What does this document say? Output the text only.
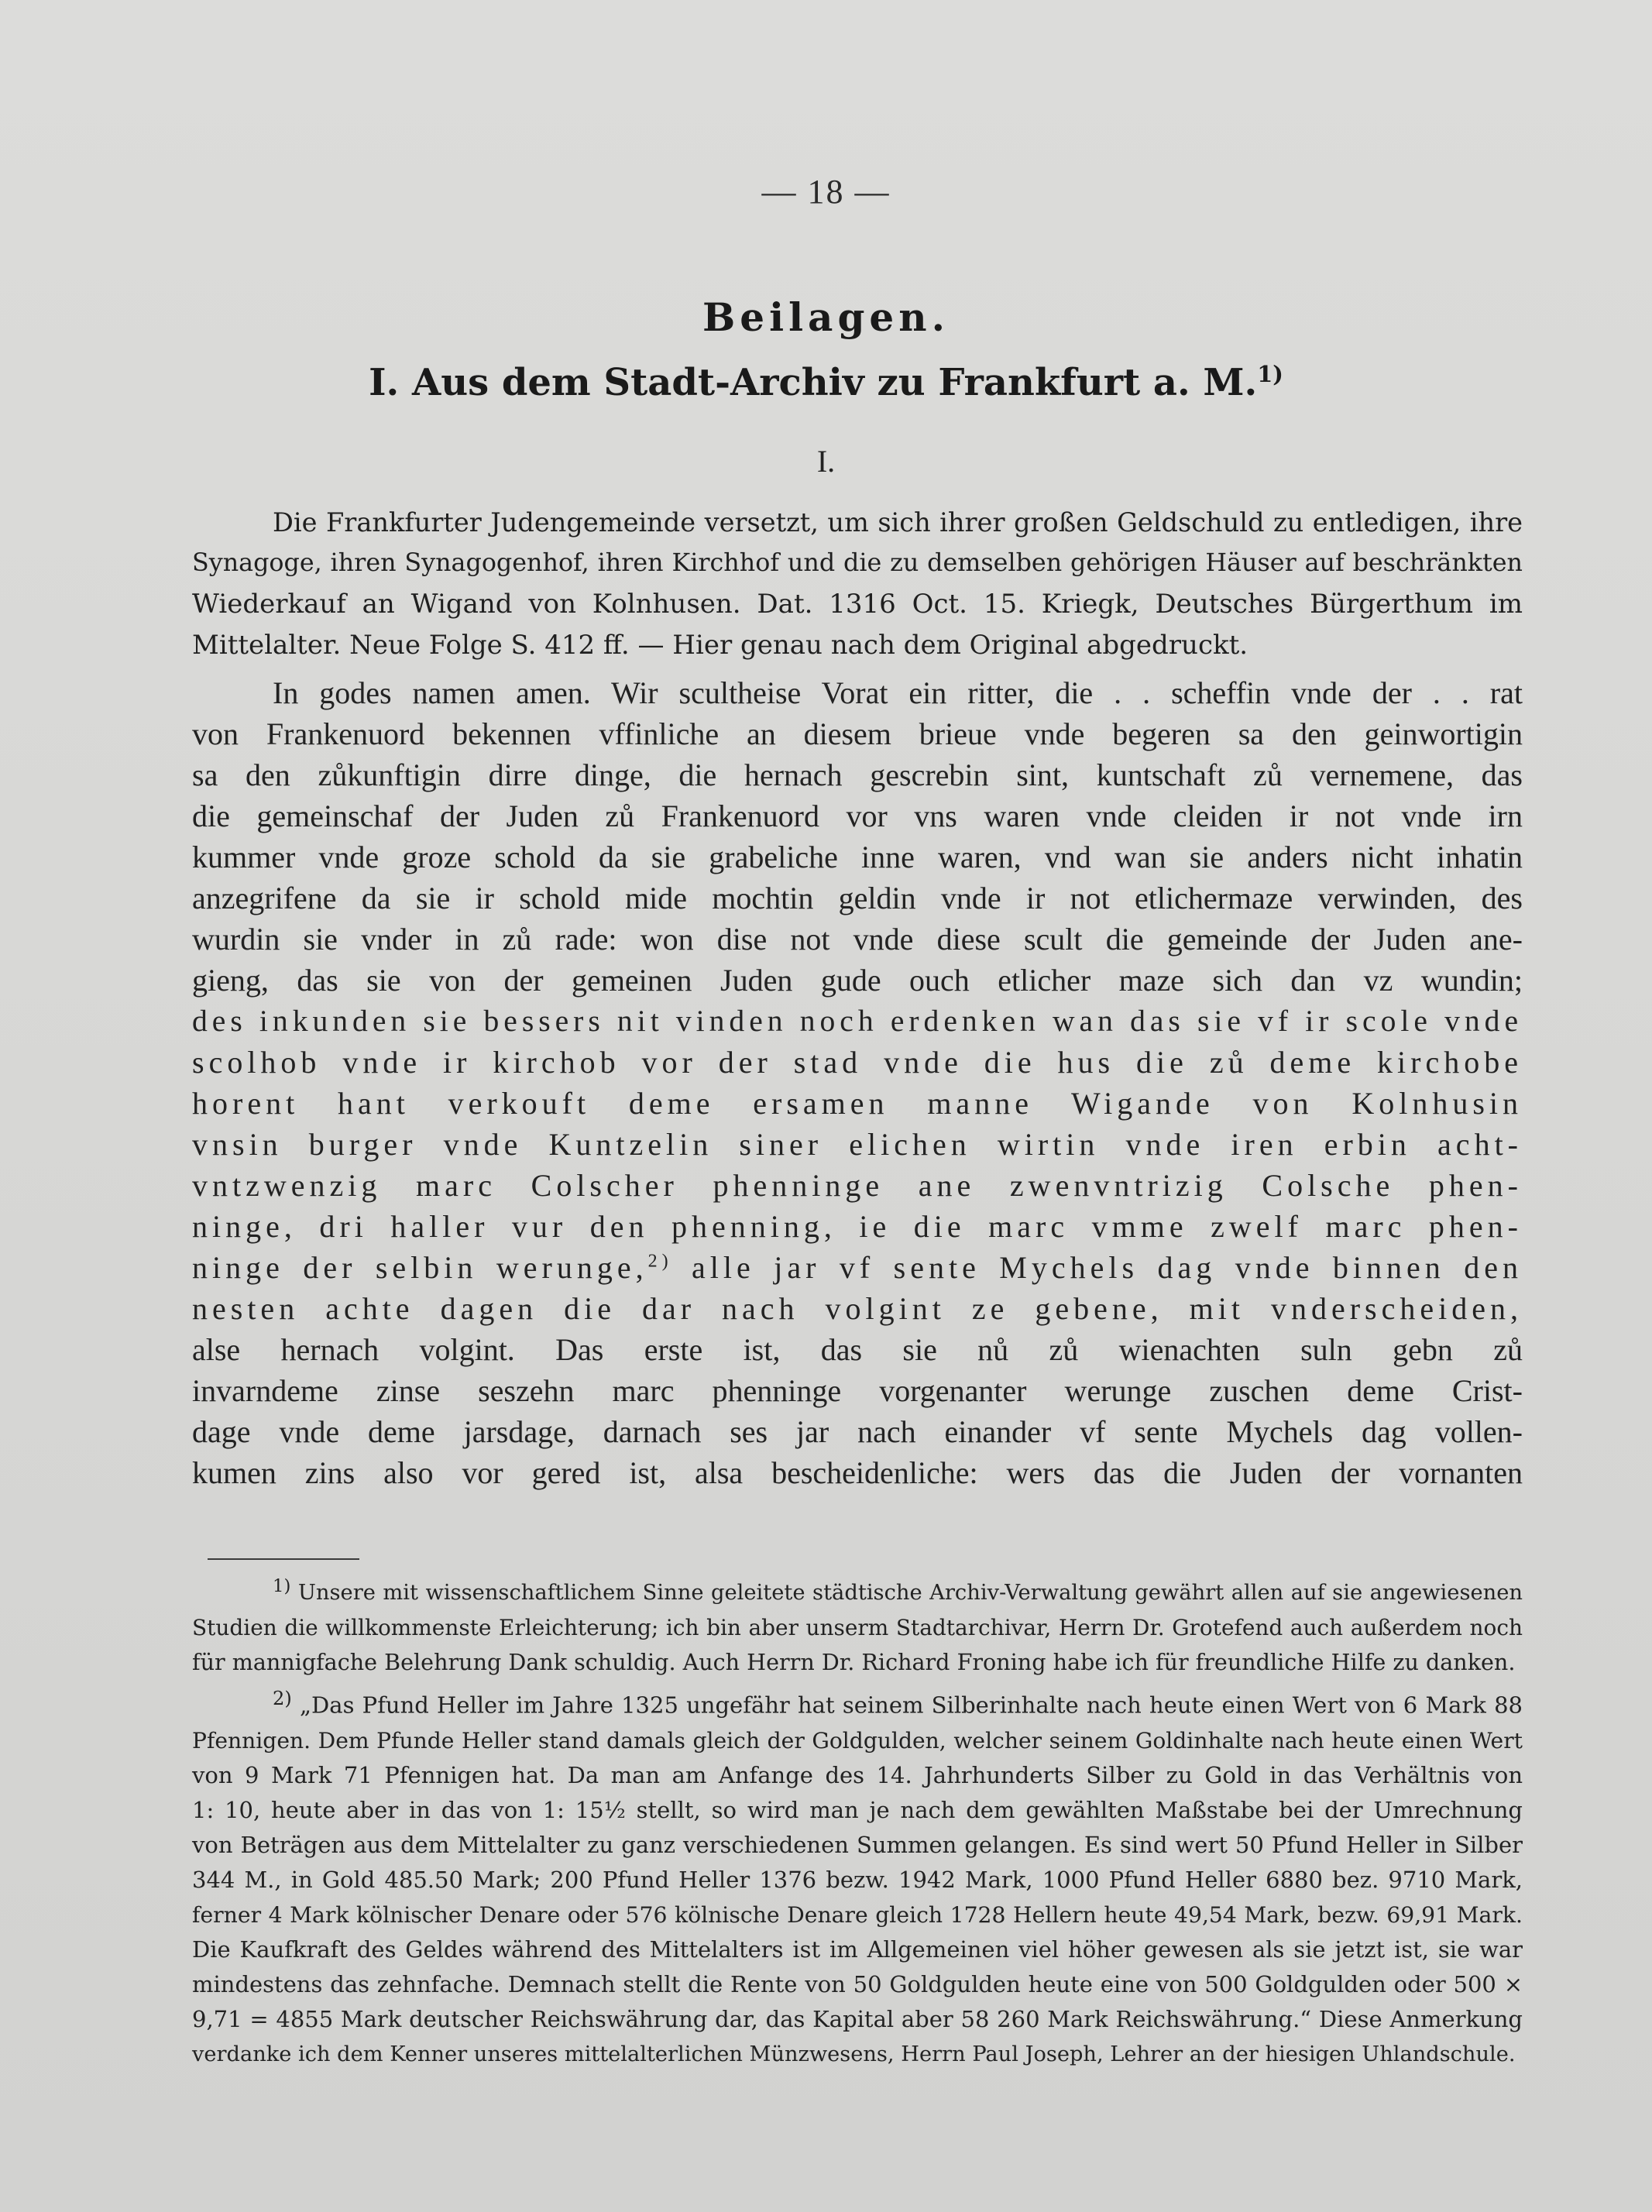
— 18 —
Beilagen.
I. Aus dem Stadt-Archiv zu Frankfurt a. M.$^{1)}$
I.
Die Frankfurter Judengemeinde versetzt, um sich ihrer großen Geldschuld zu entledigen, ihre
Synagoge, ihren Synagogenhof, ihren Kirchhof und die zu demselben gehörigen Häuser auf beschränkten
Wiederkauf an Wigand von Kolnhusen. Dat. 1316 Oct. 15. Kriegk, Deutsches Bürgerthum im
Mittelalter. Neue Folge S. 412 ff. — Hier genau nach dem Original abgedruckt.
In godes namen amen. Wir scultheise Vorat ein ritter, die . . scheffin vnde der . . rat
von Frankenuord bekennen vffinliche an diesem brieue vnde begeren sa den geinwortigin
sa den zůkunftigin dirre dinge, die hernach gescrebin sint, kuntschaft zů vernemene, das
die gemeinschaf der Juden zů Frankenuord vor vns waren vnde cleiden ir not vnde irn
kummer vnde groze schold da sie grabeliche inne waren, vnd wan sie anders nicht inhatin
anzegrifene da sie ir schold mide mochtin geldin vnde ir not etlichermaze verwinden, des
wurdin sie vnder in zů rade: won dise not vnde diese scult die gemeinde der Juden ane-
gieng, das sie von der gemeinen Juden gude ouch etlicher maze sich dan vz wundin;
des inkunden sie bessers nit vinden noch erdenken wan das sie vf ir scole vnde
scolhob vnde ir kirchob vor der stad vnde die hus die zů deme kirchobe
horent hant verkouft deme ersamen manne Wigande von Kolnhusin
vnsin burger vnde Kuntzelin siner elichen wirtin vnde iren erbin acht-
vntzwenzig marc Colscher phenninge ane zwenvntrizig Colsche phen-
ninge, dri haller vur den phenning, ie die marc vmme zwelf marc phen-
ninge der selbin werunge,$^{2)}$ alle jar vf sente Mychels dag vnde binnen den
nesten achte dagen die dar nach volgint ze gebene, mit vnderscheiden,
alse hernach volgint. Das erste ist, das sie nů zů wienachten suln gebn zů
invarndeme zinse seszehn marc phenninge vorgenanter werunge zuschen deme Crist-
dage vnde deme jarsdage, darnach ses jar nach einander vf sente Mychels dag vollen-
kumen zins also vor gered ist, alsa bescheidenliche: wers das die Juden der vornanten
$^{1)}$ Unsere mit wissenschaftlichem Sinne geleitete städtische Archiv-Verwaltung gewährt allen auf sie angewiesenen
Studien die willkommenste Erleichterung; ich bin aber unserm Stadtarchivar, Herrn Dr. Grotefend auch außerdem noch
für mannigfache Belehrung Dank schuldig. Auch Herrn Dr. Richard Froning habe ich für freundliche Hilfe zu danken.
$^{2)}$ „Das Pfund Heller im Jahre 1325 ungefähr hat seinem Silberinhalte nach heute einen Wert von 6 Mark 88
Pfennigen. Dem Pfunde Heller stand damals gleich der Goldgulden, welcher seinem Goldinhalte nach heute einen Wert
von 9 Mark 71 Pfennigen hat. Da man am Anfange des 14. Jahrhunderts Silber zu Gold in das Verhältnis von
1: 10, heute aber in das von 1: 15½ stellt, so wird man je nach dem gewählten Maßstabe bei der Umrechnung
von Beträgen aus dem Mittelalter zu ganz verschiedenen Summen gelangen. Es sind wert 50 Pfund Heller in Silber
344 M., in Gold 485.50 Mark; 200 Pfund Heller 1376 bezw. 1942 Mark, 1000 Pfund Heller 6880 bez. 9710 Mark,
ferner 4 Mark kölnischer Denare oder 576 kölnische Denare gleich 1728 Hellern heute 49,54 Mark, bezw. 69,91 Mark.
Die Kaufkraft des Geldes während des Mittelalters ist im Allgemeinen viel höher gewesen als sie jetzt ist, sie war
mindestens das zehnfache. Demnach stellt die Rente von 50 Goldgulden heute eine von 500 Goldgulden oder 500 ×
9,71 = 4855 Mark deutscher Reichswährung dar, das Kapital aber 58 260 Mark Reichswährung.“ Diese Anmerkung
verdanke ich dem Kenner unseres mittelalterlichen Münzwesens, Herrn Paul Joseph, Lehrer an der hiesigen Uhlandschule.
